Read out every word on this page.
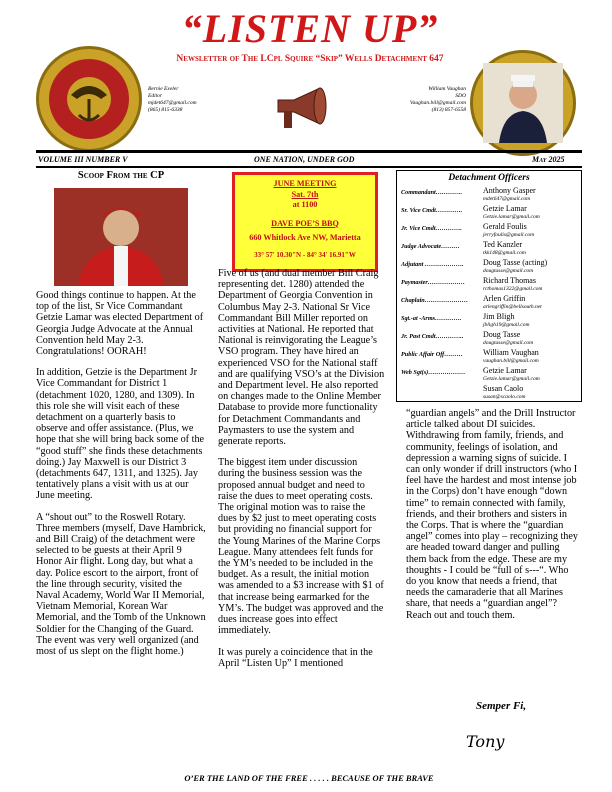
“LISTEN UP”
Newsletter of The LCpl Squire “Skip” Wells Detachment 647
Bernie Exeler
Editor
mjdet647@gmail.com
(865) 815-6338
William Vaughan
SDO
Vaughan.bill@gmail.com
(813) 857-6558
VOLUME III NUMBER V	ONE NATION, UNDER GOD	May 2025
Scoop From the CP

Good things continue to happen. At the top of the list, Sr Vice Commandant Getzie Lamar was elected Department of Georgia Judge Advocate at the Annual Convention held May 2-3. Congratulations! OORAH!

In addition, Getzie is the Department Jr Vice Commandant for District 1 (detachment 1020, 1280, and 1309). In this role she will visit each of these detachment on a quarterly basis to observe and offer assistance. (Plus, we hope that she will bring back some of the “good stuff” she finds these detachments doing.) Jay Maxwell is our District 3 (detachments 647, 1311, and 1325). Jay tentatively plans a visit with us at our June meeting.

A “shout out” to the Roswell Rotary. Three members (myself, Dave Hambrick, and Bill Craig) of the detachment were selected to be guests at their April 9 Honor Air flight. Long day, but what a day. Police escort to the airport, front of the line through security, visited the Naval Academy, World War II Memorial, Vietnam Memorial, Korean War Memorial, and the Tomb of the Unknown Soldier for the Changing of the Guard. The event was very well organized (and most of us slept on the flight home.)

JUNE MEETING
Sat. 7th
at 1100
DAVE POE’S BBQ
660 Whitlock Ave NW, Marietta
33° 57' 10.30"N - 84° 34' 16.91"W

Five of us (and dual member Bill Craig representing det. 1280) attended the Department of Georgia Convention in Columbus May 2-3. National Sr Vice Commandant Bill Miller reported on activities at National. He reported that National is reinvigorating the League’s VSO program. They have hired an experienced VSO for the National staff and are qualifying VSO’s at the Division and Department level. He also reported on changes made to the Online Member Database to provide more functionality for Detachment Commandants and Paymasters to use the system and generate reports.

The biggest item under discussion during the business session was the proposed annual budget and need to raise the dues to meet operating costs. The original motion was to raise the dues by $2 just to meet operating costs but providing no financial support for the Young Marines of the Marine Corps League. Many attendees felt funds for the YM’s needed to be included in the budget. As a result, the initial motion was amended to a $3 increase with $1 of that increase being earmarked for the YM’s. The budget was approved and the dues increase goes into effect immediately.

It was purely a coincidence that in the April “Listen Up” I mentioned

Detachment Officers
Commandant………….	Anthony Gasper
mdet647@gmail.com
Sr. Vice Cmdt………….	Getzie Lamar
Getzie.lamar@gmail.com
Jr. Vice Cmdt………….	Gerald Foulis
jerryfoulis@gmail.com
Judge Advocate………	Ted Kanzler
tkk148@gmail.com
Adjutant ……………….	Doug Tasse (acting)
dougtasse@gmail.com
Paymaster………………	Richard Thomas
rcthomas1322@gmail.com
Chaplain…………………	Arlen Griffin
arlengriffin@bellsouth.net
Sgt.-at -Arms………….	Jim Bligh
jbligh19@gmail.com
Jr. Past Cmdt…………..	Doug Tasse
dougtasse@gmail.com
Public Affair Off………	William Vaughan
vaughan.bill@gmail.com
Web Sgt(s)………………	Getzie Lamar
Getzie.lamar@gmail.com
Susan Caolo
susan@scaolo.com

“guardian angels” and the Drill Instructor article talked about DI suicides. Withdrawing from family, friends, and community, feelings of isolation, and depression a warning signs of suicide. I can only wonder if drill instructors (who I feel have the hardest and most intense job in the Corps) don’t have enough “down time” to remain connected with family, friends, and their brothers and sisters in the Corps. That is where the “guardian angel” comes into play – recognizing they are headed toward danger and pulling them back from the edge. These are my thoughts - I could be “full of s---“. Who do you know that needs a friend, that needs the camaraderie that all Marines share, that needs a “guardian angel”? Reach out and touch them.

Semper Fi,
Tony
O’ER THE LAND OF THE FREE . . . . . BECAUSE OF THE BRAVE
